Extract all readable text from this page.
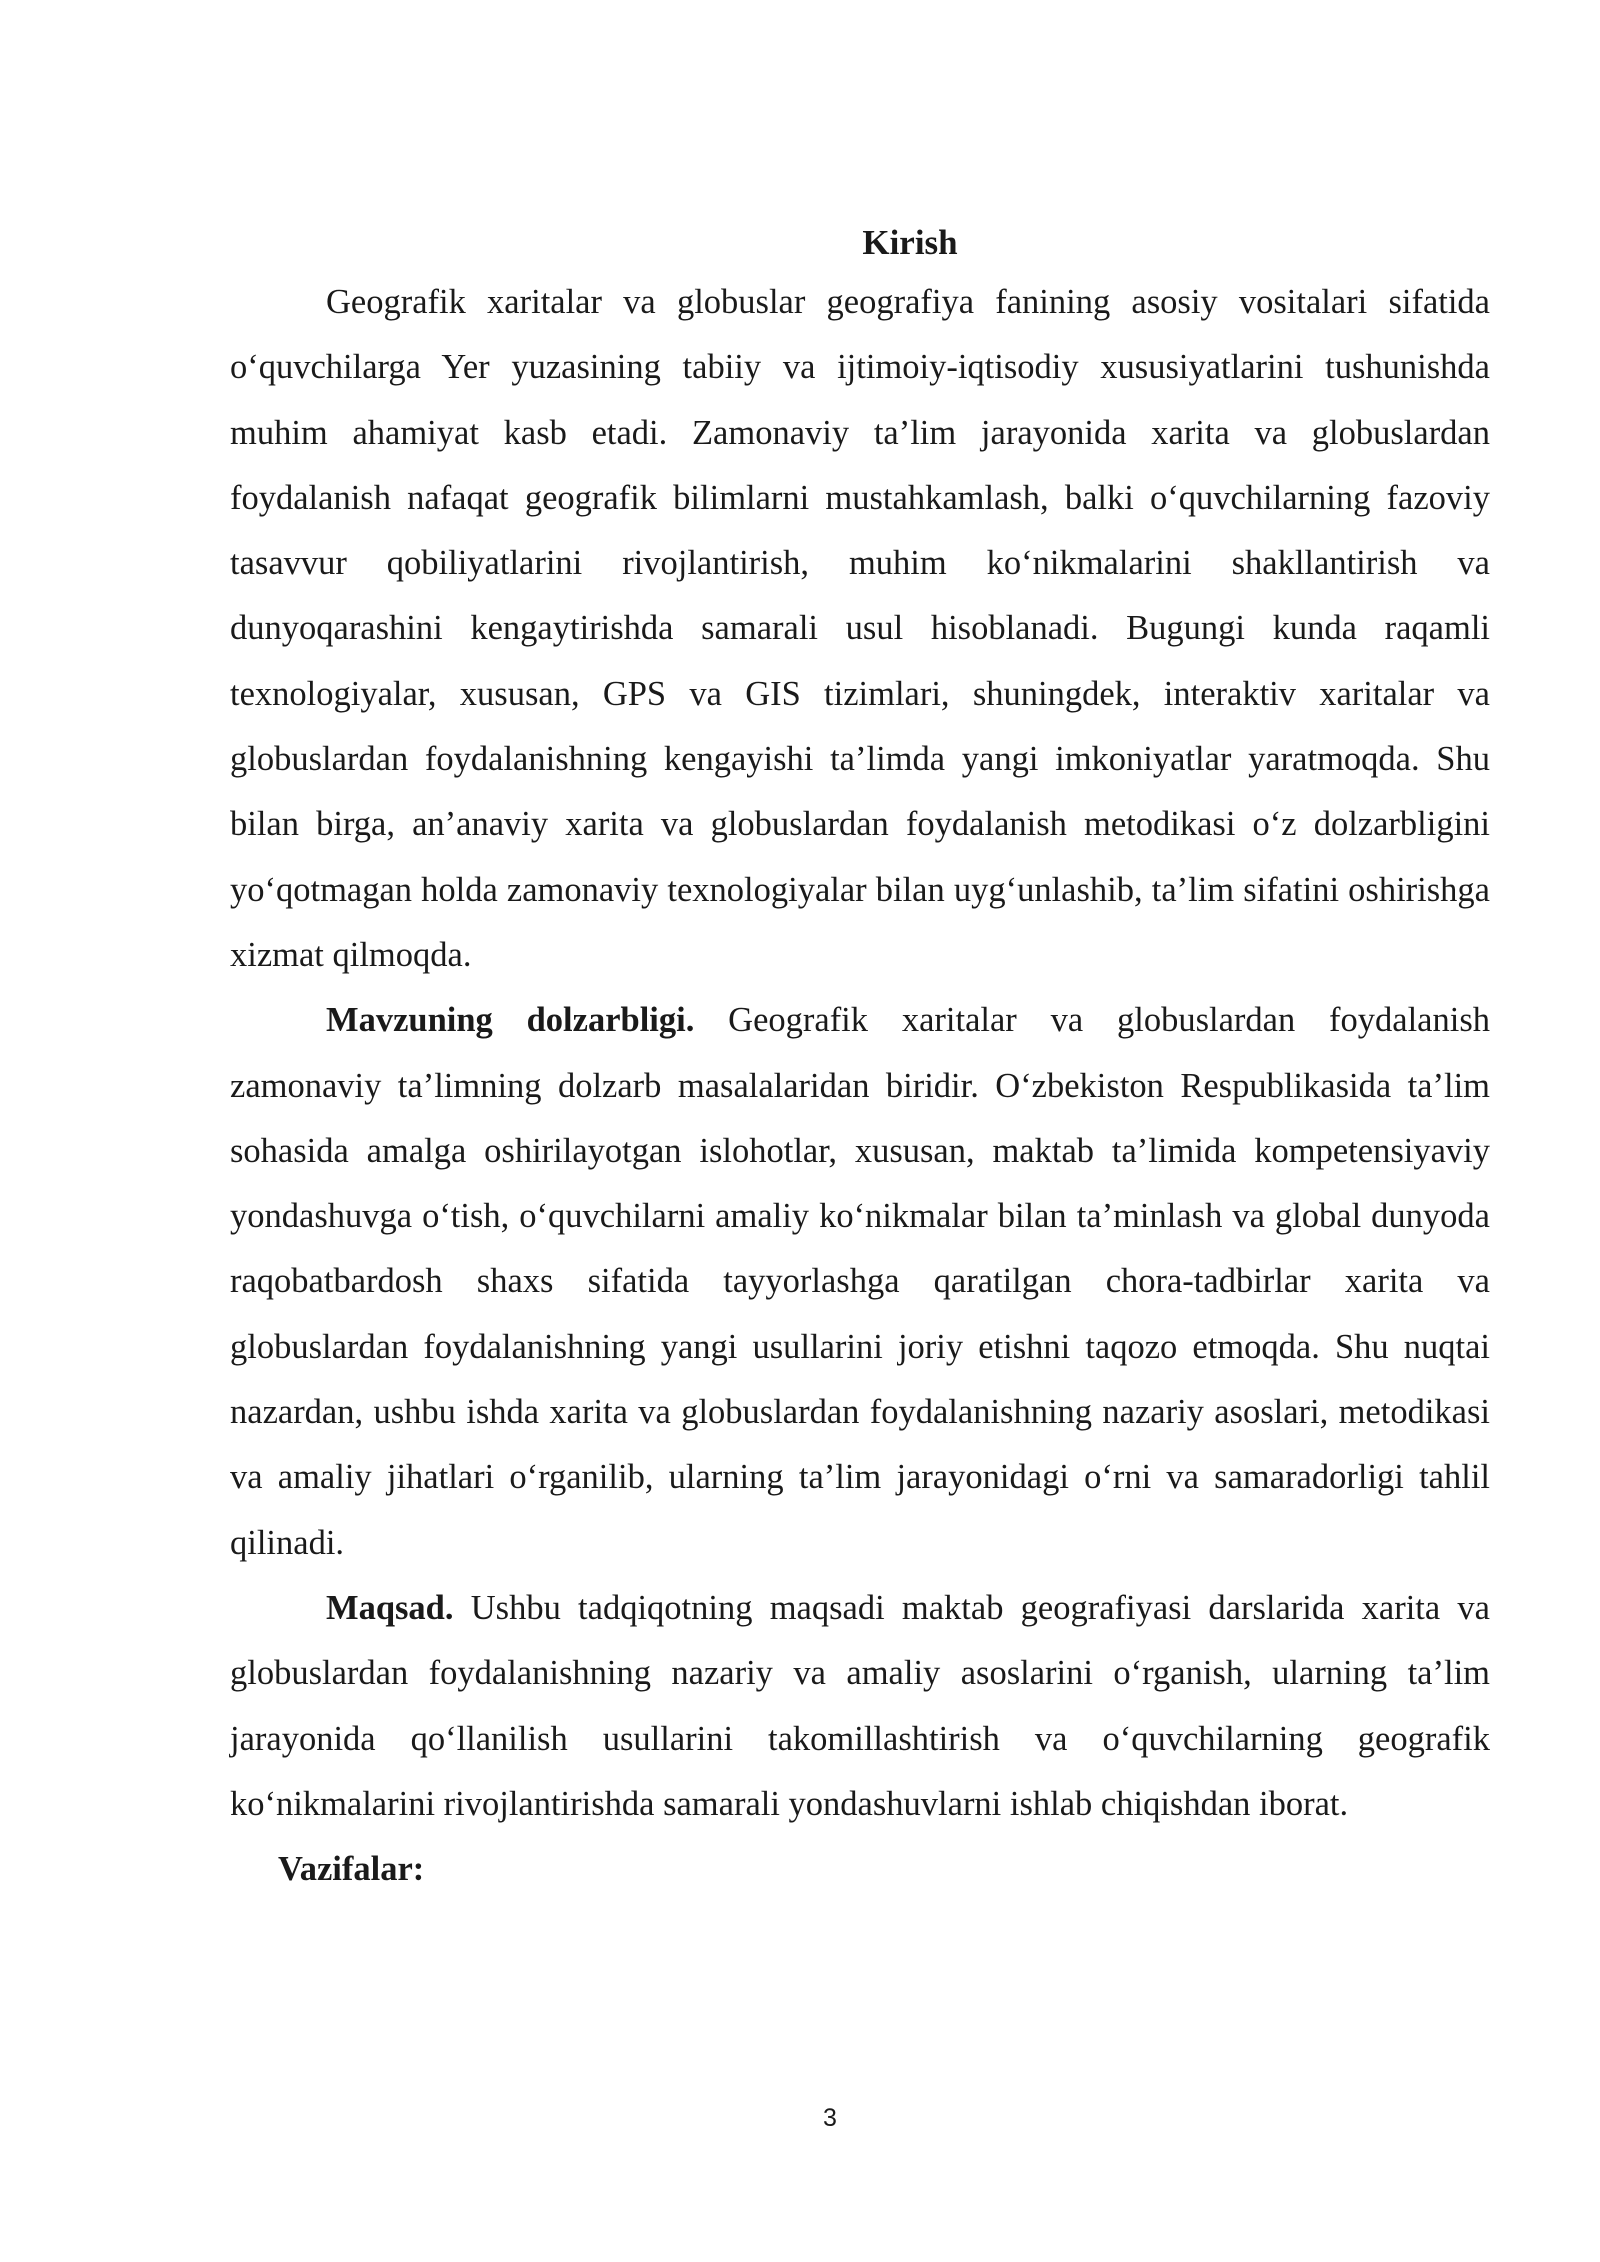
Kirish

Geografik xaritalar va globuslar geografiya fanining asosiy vositalari sifatida o‘quvchilarga Yer yuzasining tabiiy va ijtimoiy-iqtisodiy xususiyatlarini tushunishda muhim ahamiyat kasb etadi. Zamonaviy ta’lim jarayonida xarita va globuslardan foydalanish nafaqat geografik bilimlarni mustahkamlash, balki o‘quvchilarning fazoviy tasavvur qobiliyatlarini rivojlantirish, muhim ko‘nikmalarini shakllantirish va dunyoqarashini kengaytirishda samarali usul hisoblanadi. Bugungi kunda raqamli texnologiyalar, xususan, GPS va GIS tizimlari, shuningdek, interaktiv xaritalar va globuslardan foydalanishning kengayishi ta’limda yangi imkoniyatlar yaratmoqda. Shu bilan birga, an’anaviy xarita va globuslardan foydalanish metodikasi o‘z dolzarbligini yo‘qotmagan holda zamonaviy texnologiyalar bilan uyg‘unlashib, ta’lim sifatini oshirishga xizmat qilmoqda.

Mavzuning dolzarbligi. Geografik xaritalar va globuslardan foydalanish zamonaviy ta’limning dolzarb masalalaridan biridir. O‘zbekiston Respublikasida ta’lim sohasida amalga oshirilayotgan islohotlar, xususan, maktab ta’limida kompetensiyaviy yondashuvga o‘tish, o‘quvchilarni amaliy ko‘nikmalar bilan ta’minlash va global dunyoda raqobatbardosh shaxs sifatida tayyorlashga qaratilgan chora-tadbirlar xarita va globuslardan foydalanishning yangi usullarini joriy etishni taqozo etmoqda. Shu nuqtai nazardan, ushbu ishda xarita va globuslardan foydalanishning nazariy asoslari, metodikasi va amaliy jihatlari o‘rganilib, ularning ta’lim jarayonidagi o‘rni va samaradorligi tahlil qilinadi.

Maqsad. Ushbu tadqiqotning maqsadi maktab geografiyasi darslarida xarita va globuslardan foydalanishning nazariy va amaliy asoslarini o‘rganish, ularning ta’lim jarayonida qo‘llanilish usullarini takomillashtirish va o‘quvchilarning geografik ko‘nikmalarini rivojlantirishda samarali yondashuvlarni ishlab chiqishdan iborat.

Vazifalar:

3
